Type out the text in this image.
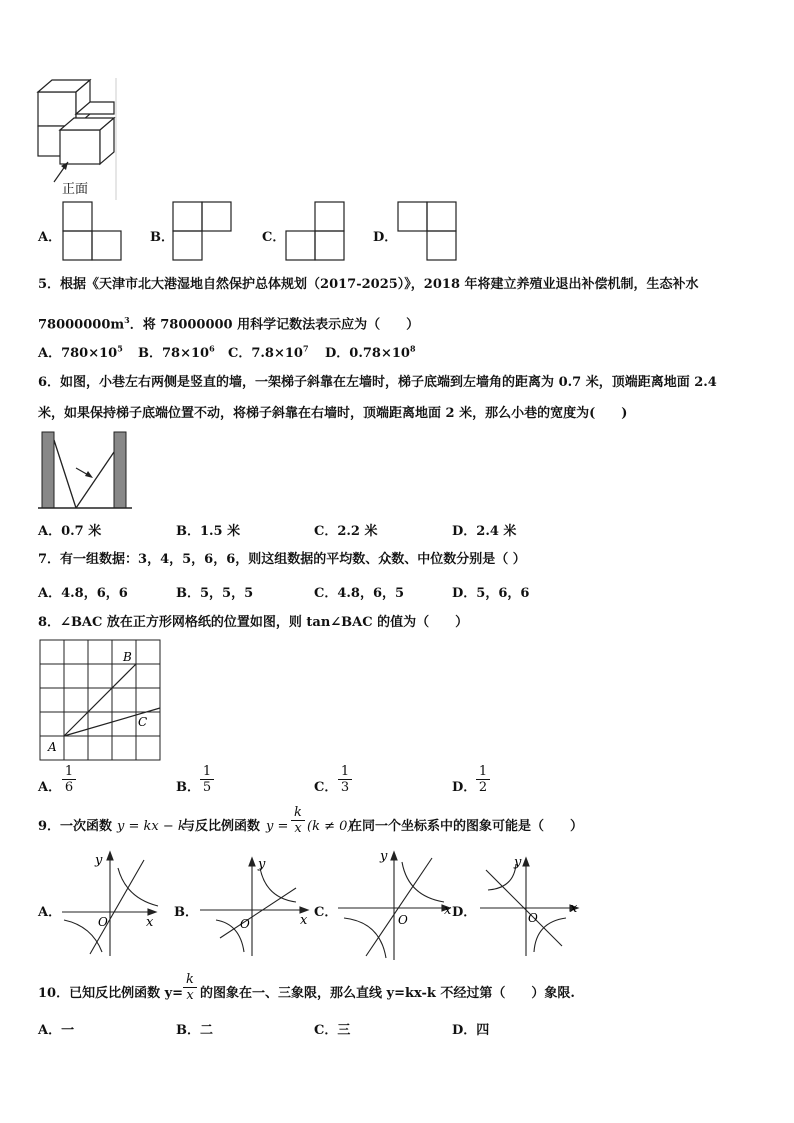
正面
A．	B．	C．	D．
5．根据《天津市北大港湿地自然保护总体规划（2017-2025）》，2018 年将建立养殖业退出补偿机制，生态补水
$78000000m^3$．将 78000000 用科学记数法表示应为（　　）
A．$780\times 10^5$ B．$78\times 10^6$ C．$7.8\times 10^7$ D．$0.78\times 10^8$
6．如图，小巷左右两侧是竖直的墙，一架梯子斜靠在左墙时，梯子底端到左墙角的距离为 0.7 米，顶端距离地面 2.4
米，如果保持梯子底端位置不动，将梯子斜靠在右墙时，顶端距离地面 2 米，那么小巷的宽度为(　　)
A．0.7 米	B．1.5 米	C．2.2 米	D．2.4 米
7．有一组数据：3，4，5，6，6，则这组数据的平均数、众数、中位数分别是（ ）
A．4.8，6，6	B．5，5，5	C．4.8，6，5	D．5，6，6
8．∠BAC 放在正方形网格纸的位置如图，则 tan∠BAC 的值为（　　）
A
B
C
A． $\frac{1}{6}$	B． $\frac{1}{5}$	C． $\frac{1}{3}$	D． $\frac{1}{2}$
9．一次函数 y = kx − k
与反比例函数 $y = \frac{k}{x} (k \ne 0)$
在同一个坐标系中的图象可能是（　　）
A．
y
x
O
B．
y
x
O
C．
y
x
O	D．
y
x
O
10．已知反比例函数 $y= \frac{k}{x}$ 的图象在一、三象限，那么直线 y=kx-k 不经过第（　　）象限.
A．一	B．二	C．三	D．四
